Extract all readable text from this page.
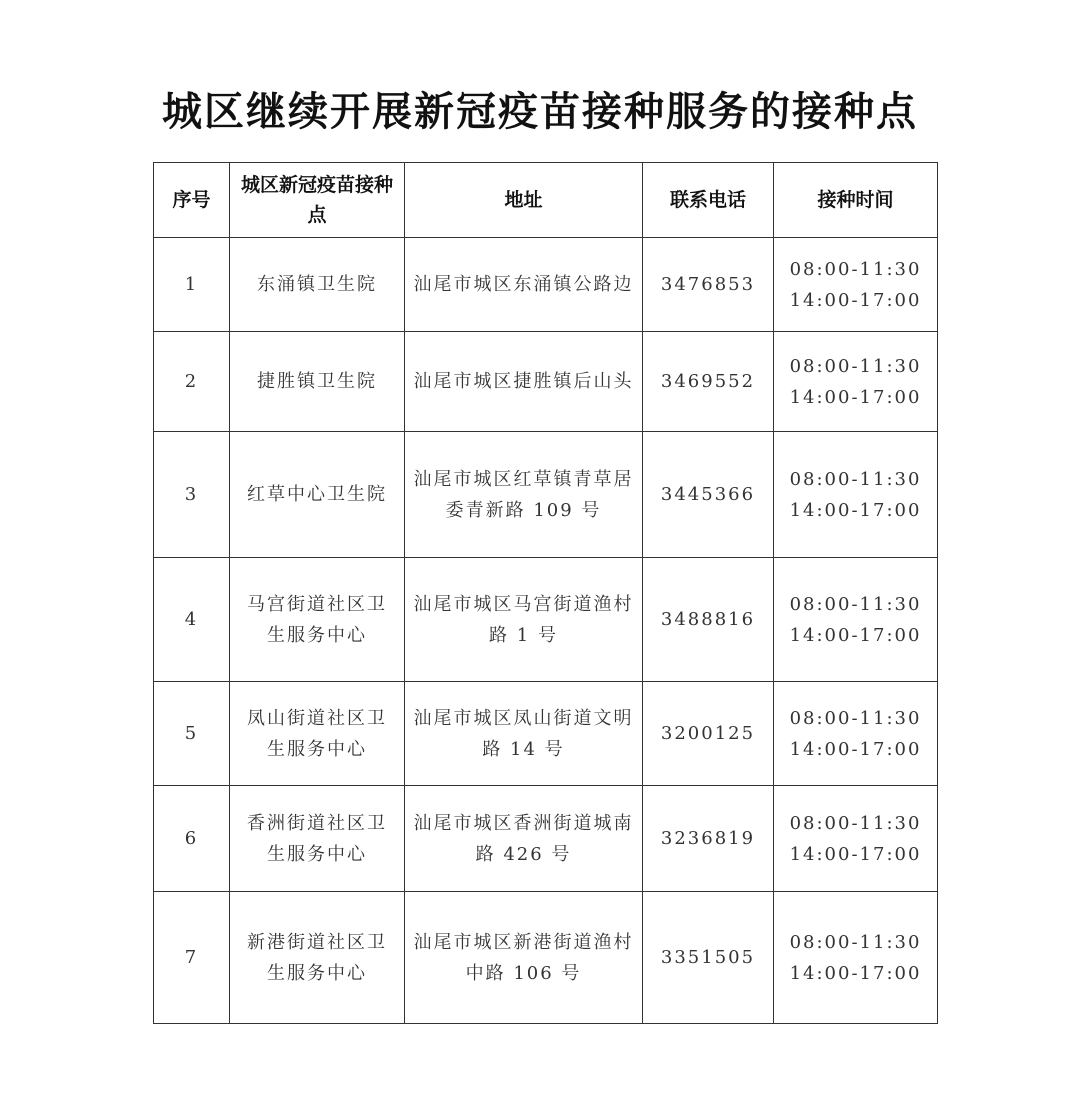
城区继续开展新冠疫苗接种服务的接种点
序号	城区新冠疫苗接种点	地址	联系电话	接种时间
1	东涌镇卫生院	汕尾市城区东涌镇公路边	3476853	08:00-11:30
14:00-17:00

2	捷胜镇卫生院	汕尾市城区捷胜镇后山头	3469552	08:00-11:30
14:00-17:00

3	红草中心卫生院	汕尾市城区红草镇青草居委青新路 109 号	3445366	08:00-11:30
14:00-17:00

4	马宫街道社区卫生服务中心	汕尾市城区马宫街道渔村路 1 号	3488816	08:00-11:30
14:00-17:00

5	凤山街道社区卫生服务中心	汕尾市城区凤山街道文明路 14 号	3200125	08:00-11:30
14:00-17:00

6	香洲街道社区卫生服务中心	汕尾市城区香洲街道城南路 426 号	3236819	08:00-11:30
14:00-17:00

7	新港街道社区卫生服务中心	汕尾市城区新港街道渔村中路 106 号	3351505	08:00-11:30
14:00-17:00
